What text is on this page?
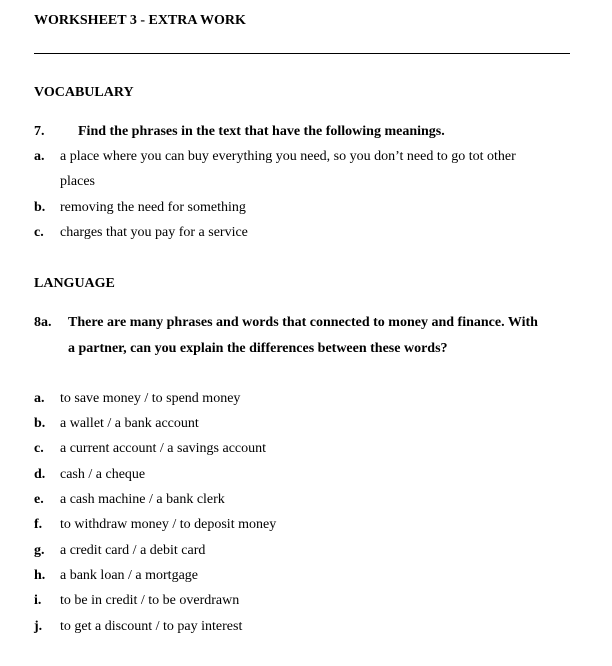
WORKSHEET 3 - EXTRA WORK
VOCABULARY
7. Find the phrases in the text that have the following meanings.
a. a place where you can buy everything you need, so you don’t need to go tot other
places
b. removing the need for something
c. charges that you pay for a service
LANGUAGE
8a. There are many phrases and words that connected to money and finance. With
a partner, can you explain the differences between these words?
a. to save money / to spend money
b. a wallet / a bank account
c. a current account / a savings account
d. cash / a cheque
e. a cash machine / a bank clerk
f. to withdraw money / to deposit money
g. a credit card / a debit card
h. a bank loan / a mortgage
i. to be in credit / to be overdrawn
j. to get a discount / to pay interest
